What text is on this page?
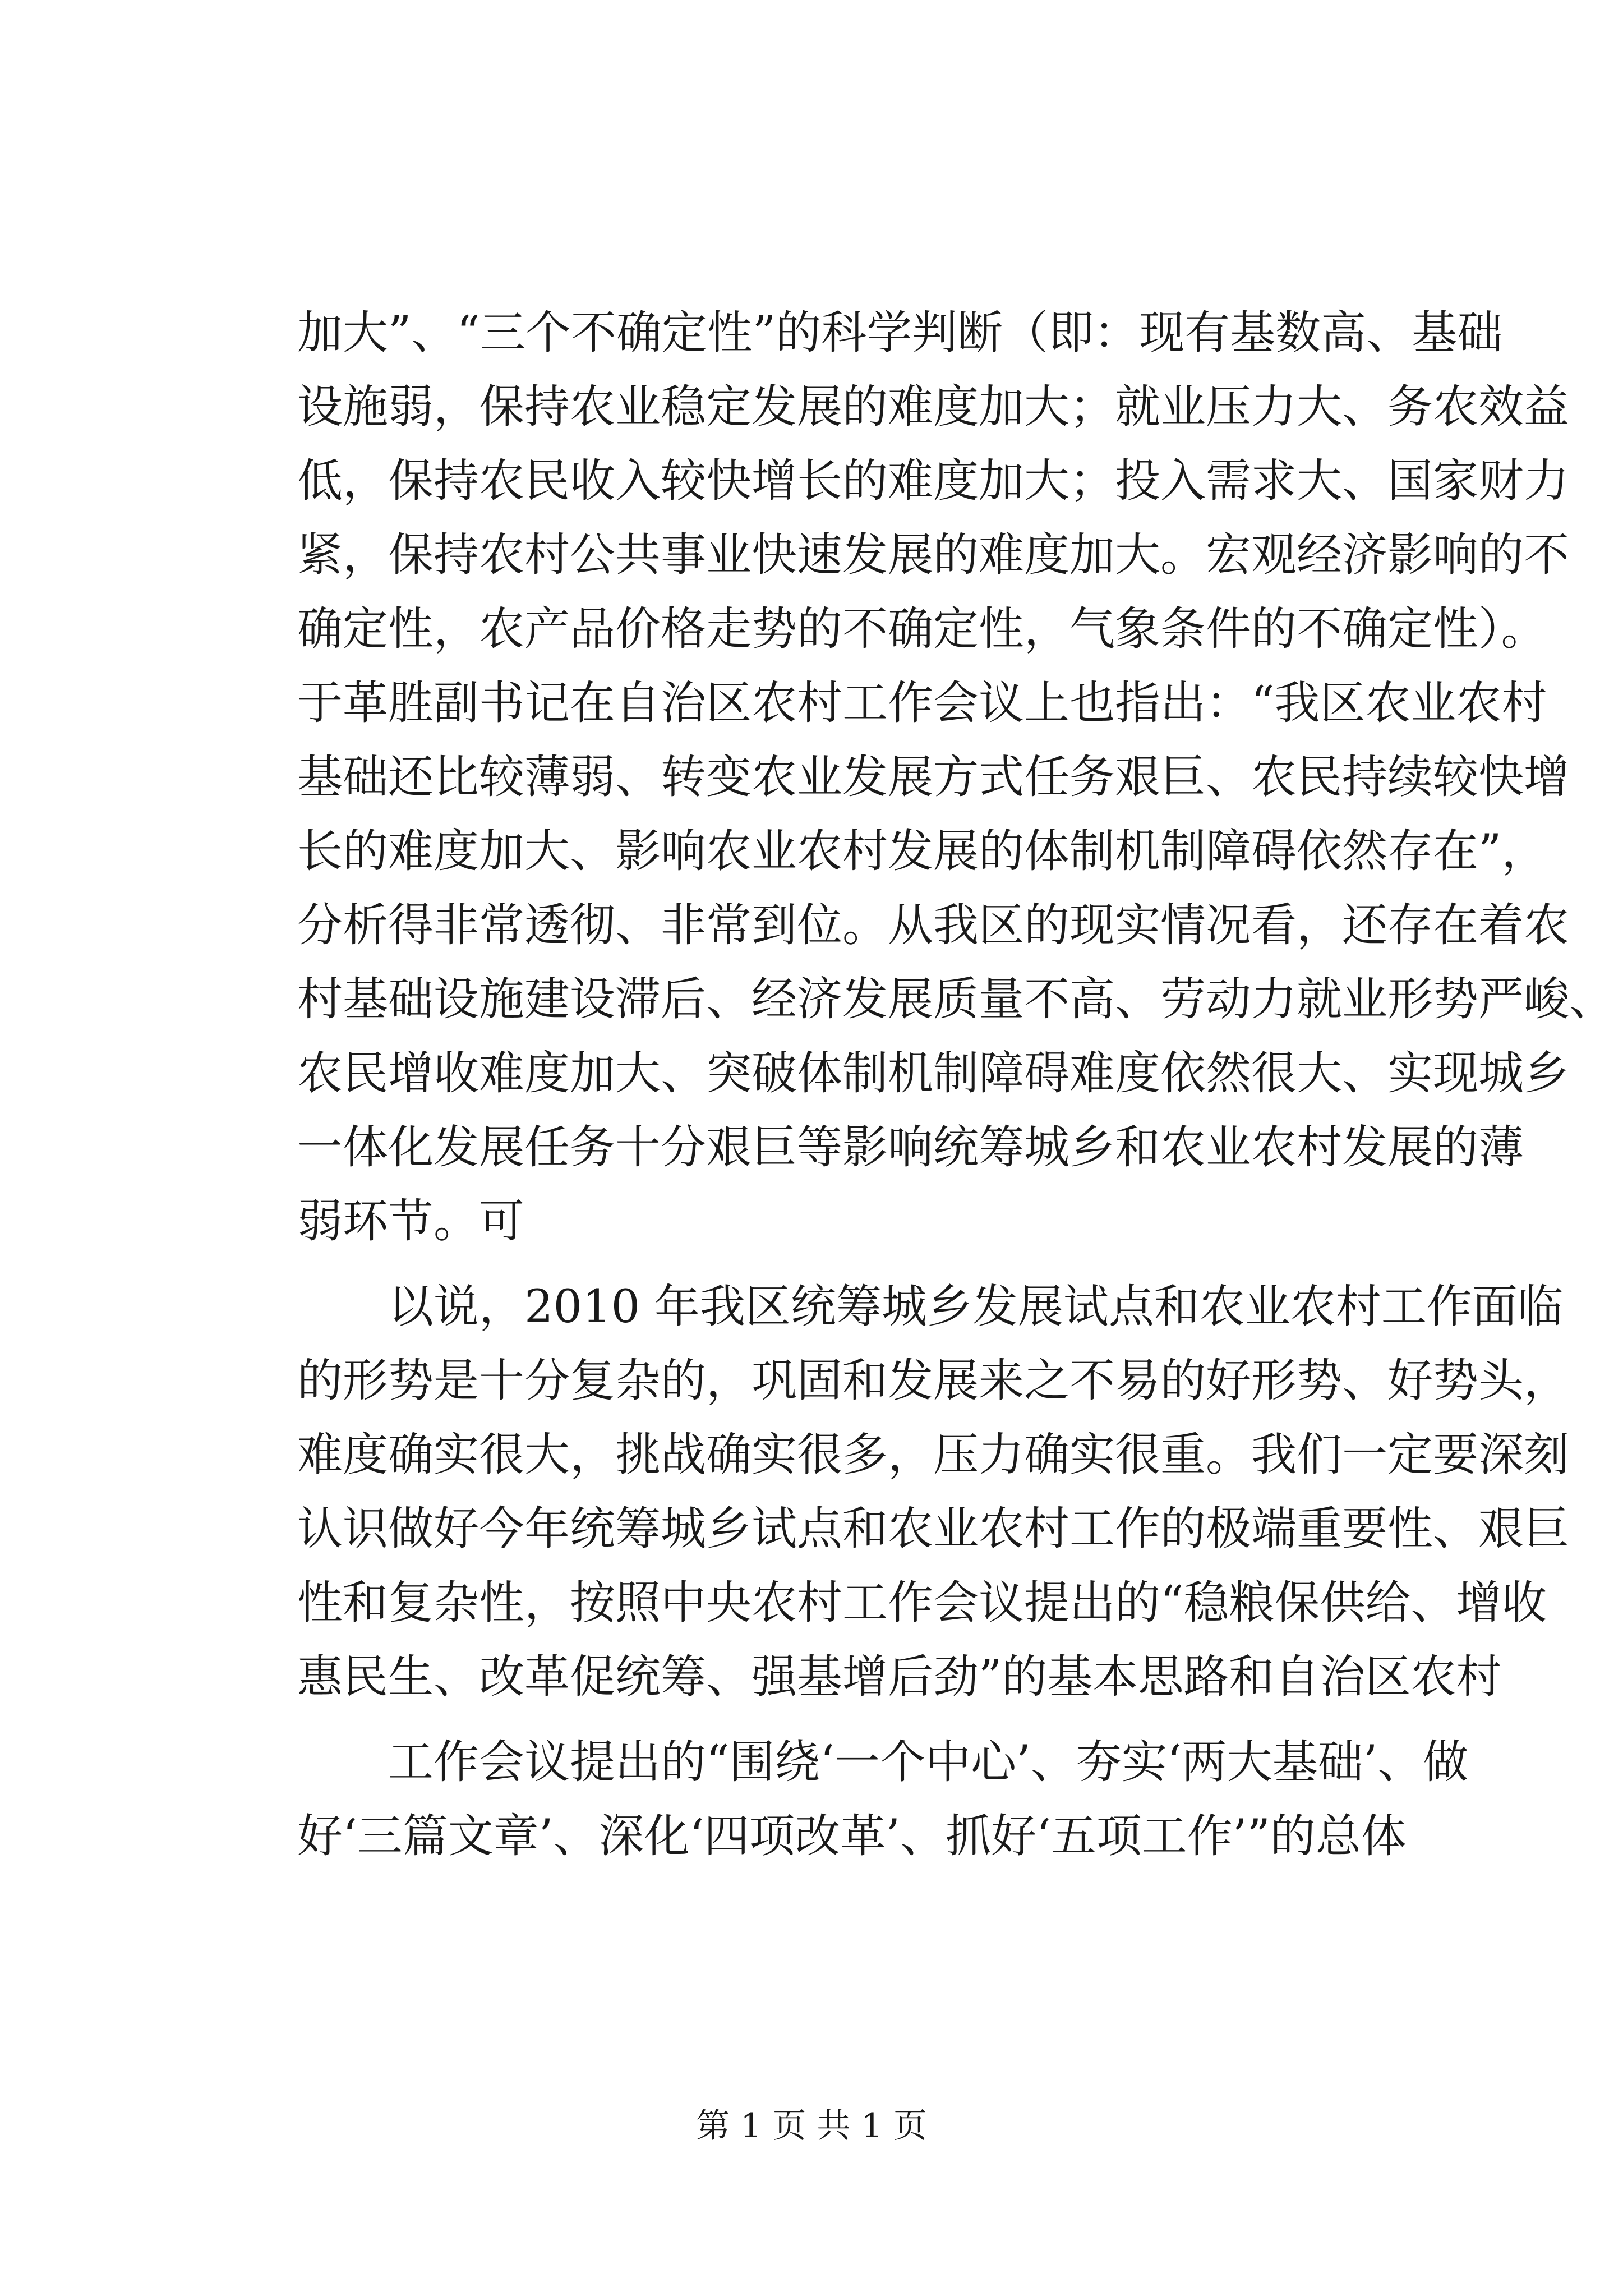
加大”、“三个不确定性”的科学判断（即：现有基数高、基础
设施弱，保持农业稳定发展的难度加大；就业压力大、务农效益
低，保持农民收入较快增长的难度加大；投入需求大、国家财力
紧，保持农村公共事业快速发展的难度加大。宏观经济影响的不
确定性，农产品价格走势的不确定性，气象条件的不确定性）。
于革胜副书记在自治区农村工作会议上也指出：“我区农业农村
基础还比较薄弱、转变农业发展方式任务艰巨、农民持续较快增
长的难度加大、影响农业农村发展的体制机制障碍依然存在”，
分析得非常透彻、非常到位。从我区的现实情况看，还存在着农
村基础设施建设滞后、经济发展质量不高、劳动力就业形势严峻、
农民增收难度加大、突破体制机制障碍难度依然很大、实现城乡
一体化发展任务十分艰巨等影响统筹城乡和农业农村发展的薄
弱环节。可
以说，2010 年我区统筹城乡发展试点和农业农村工作面临
的形势是十分复杂的，巩固和发展来之不易的好形势、好势头，
难度确实很大，挑战确实很多，压力确实很重。我们一定要深刻
认识做好今年统筹城乡试点和农业农村工作的极端重要性、艰巨
性和复杂性，按照中央农村工作会议提出的“稳粮保供给、增收
惠民生、改革促统筹、强基增后劲”的基本思路和自治区农村
工作会议提出的“围绕‘一个中心’、夯实‘两大基础’、做
好‘三篇文章’、深化‘四项改革’、抓好‘五项工作’”的总体
第 1 页 共 1 页
